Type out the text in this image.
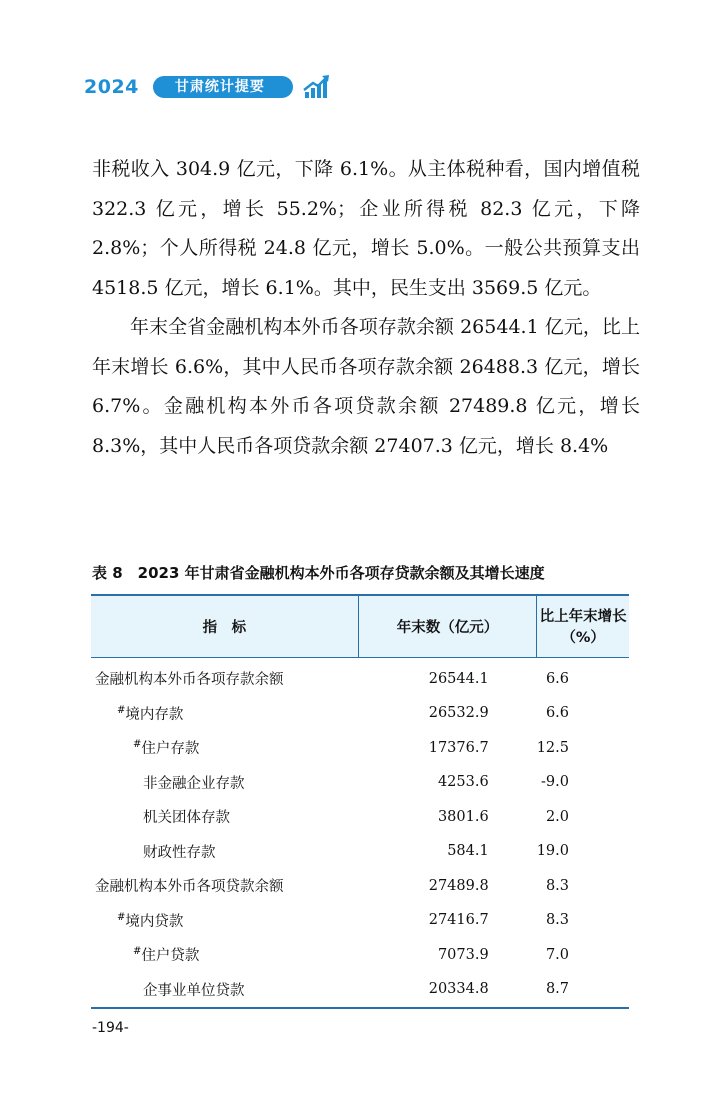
2024	甘肃统计提要

非税收入 304.9 亿元，下降 6.1%。从主体税种看，国内增值税 322.3 亿元，增长 55.2%；企业所得税 82.3 亿元，下降 2.8%；个人所得税 24.8 亿元，增长 5.0%。一般公共预算支出 4518.5 亿元，增长 6.1%。其中，民生支出 3569.5 亿元。

年末全省金融机构本外币各项存款余额 26544.1 亿元，比上年末增长 6.6%，其中人民币各项存款余额 26488.3 亿元，增长 6.7%。金融机构本外币各项贷款余额 27489.8 亿元，增长 8.3%，其中人民币各项贷款余额 27407.3 亿元，增长 8.4%

表 8　2023 年甘肃省金融机构本外币各项存贷款余额及其增长速度
指　标	年末数（亿元）	比上年末增长（%）
金融机构本外币各项存款余额	26544.1	6.6
#境内存款	26532.9	6.6
#住户存款	17376.7	12.5
非金融企业存款	4253.6	-9.0
机关团体存款	3801.6	2.0
财政性存款	584.1	19.0
金融机构本外币各项贷款余额	27489.8	8.3
#境内贷款	27416.7	8.3
#住户贷款	7073.9	7.0
企事业单位贷款	20334.8	8.7
-194-
